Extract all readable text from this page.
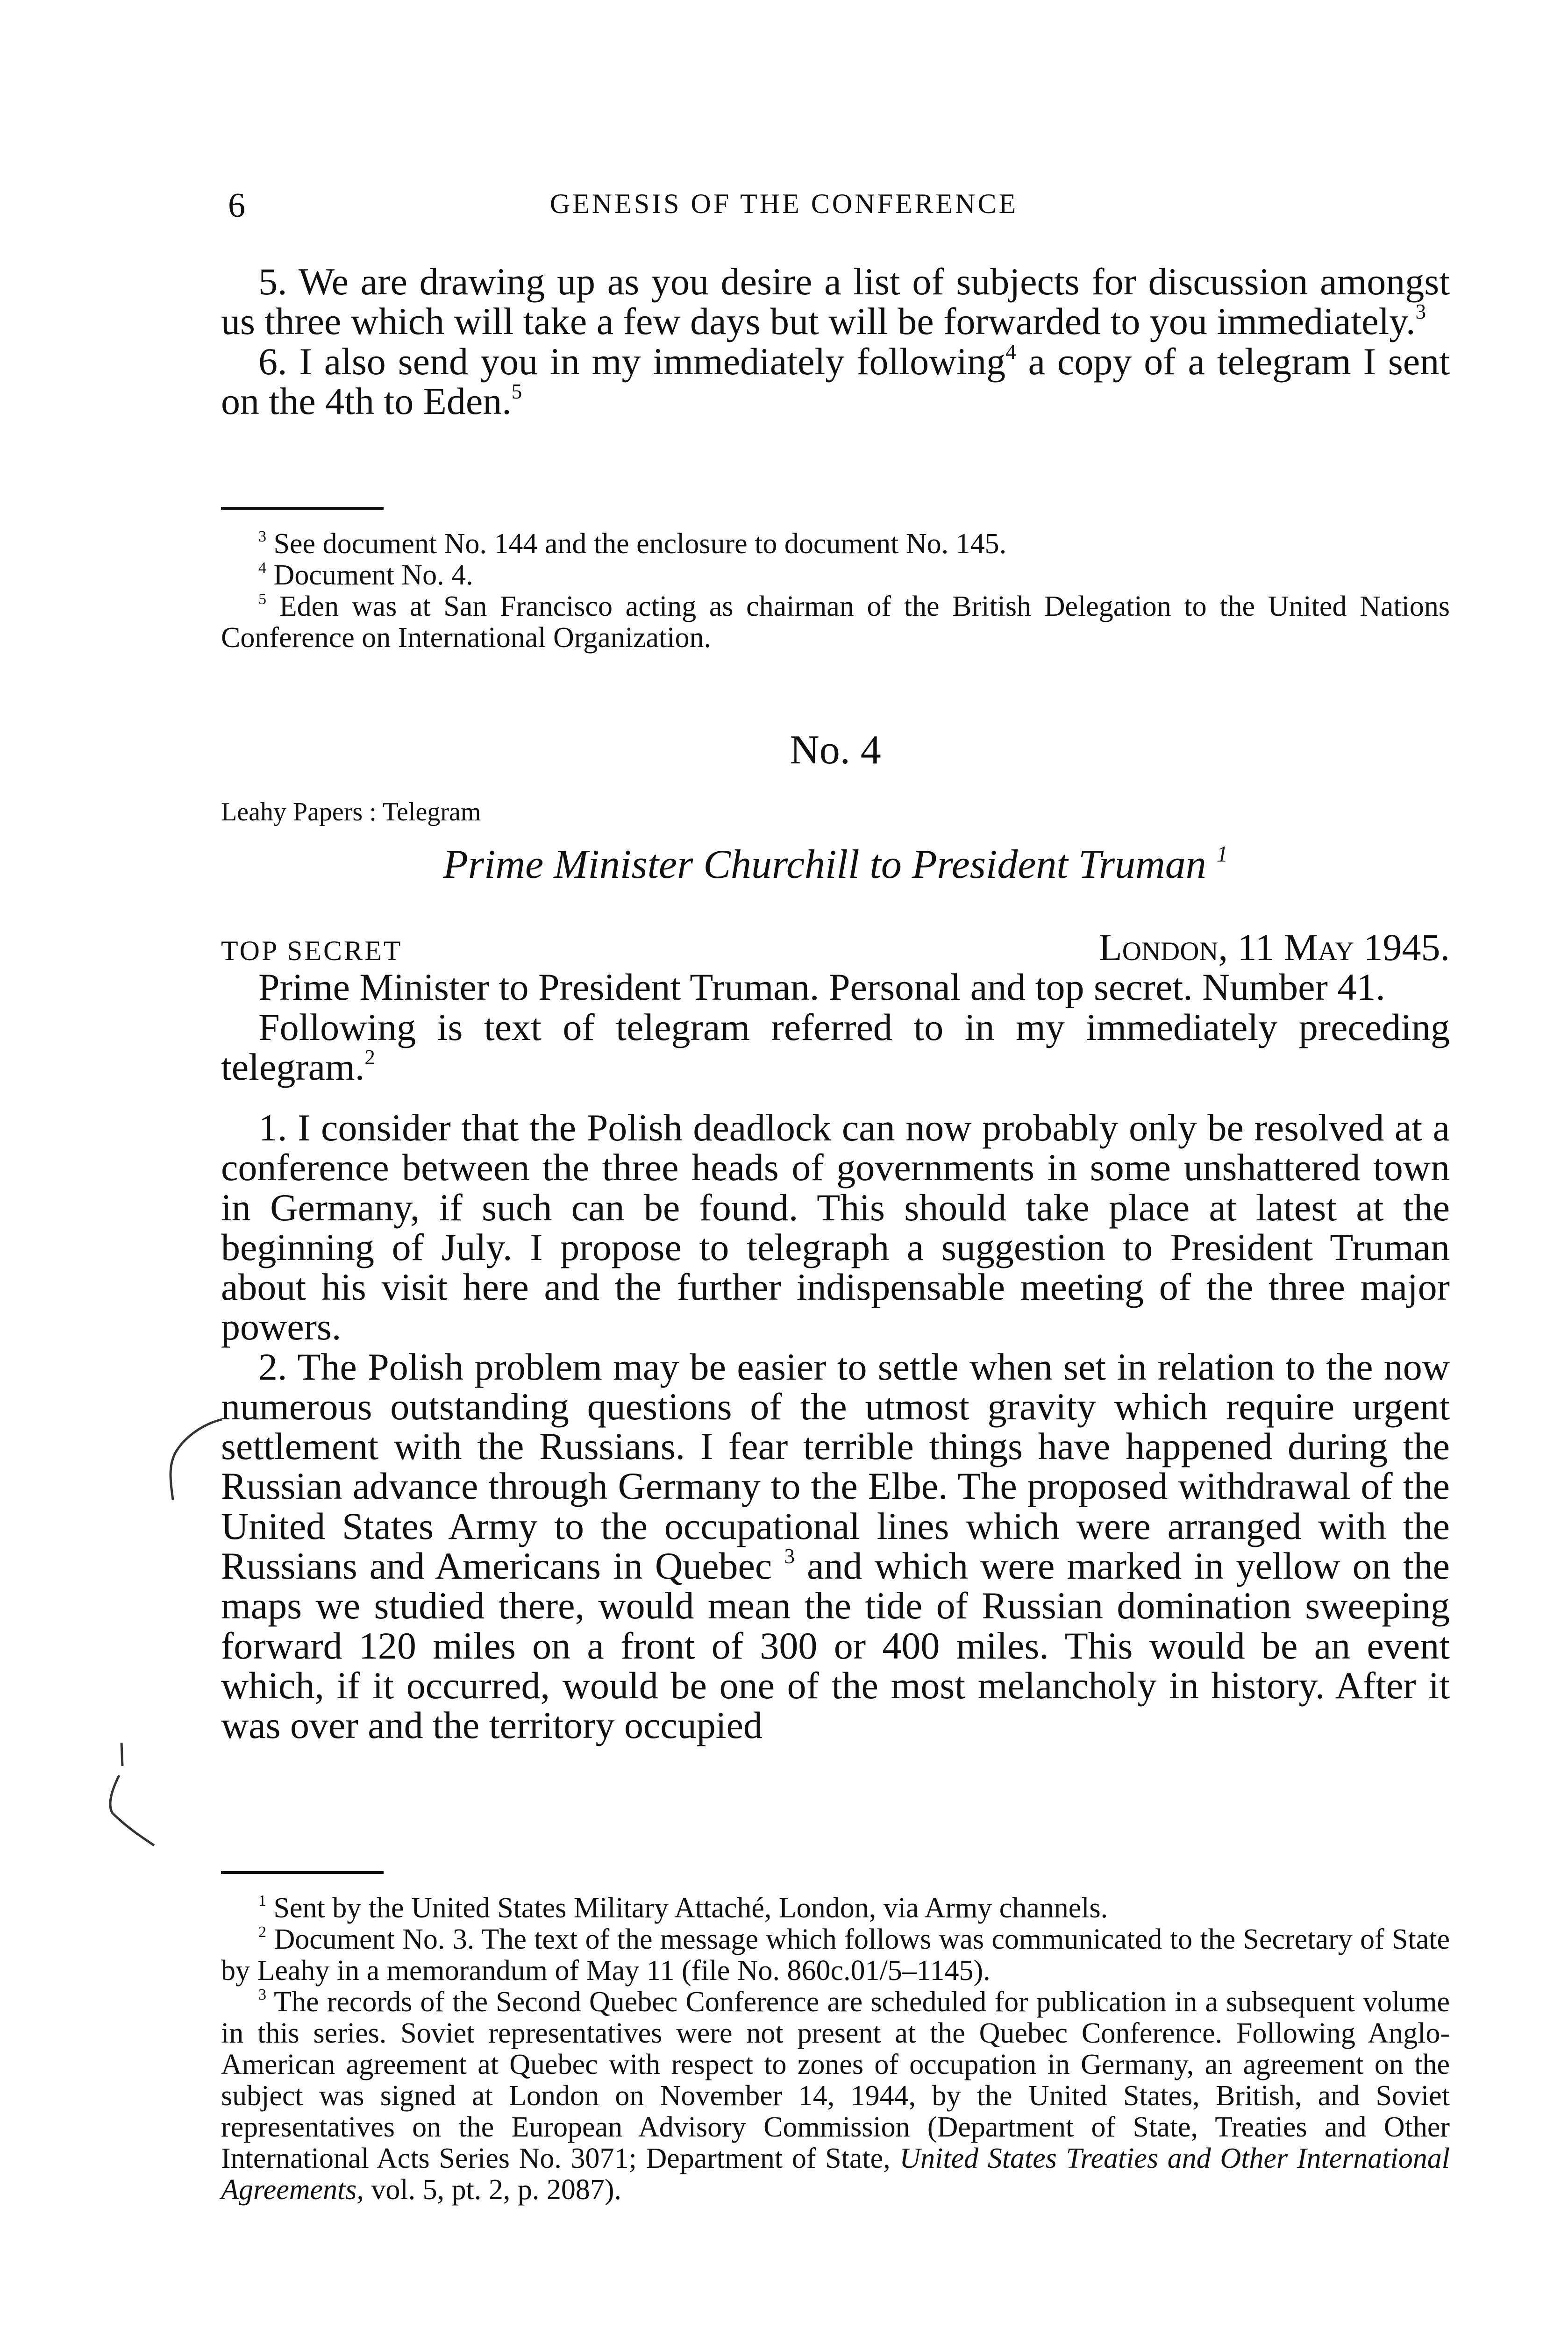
6	GENESIS OF THE CONFERENCE

5. We are drawing up as you desire a list of subjects for discussion amongst us three which will take a few days but will be forwarded to you immediately.$^3$

6. I also send you in my immediately following$^4$ a copy of a telegram I sent on the 4th to Eden.$^5$

$^3$ See document No. 144 and the enclosure to document No. 145.

$^4$ Document No. 4.

$^5$ Eden was at San Francisco acting as chairman of the British Delegation to the United Nations Conference on International Organization.

No. 4
Leahy Papers : Telegram
Prime Minister Churchill to President Truman $^1$
TOP SECRET	London, 11 May 1945.

Prime Minister to President Truman. Personal and top secret. Number 41.

Following is text of telegram referred to in my immediately preceding telegram.$^2$

1. I consider that the Polish deadlock can now probably only be resolved at a conference between the three heads of governments in some unshattered town in Germany, if such can be found. This should take place at latest at the beginning of July. I propose to telegraph a suggestion to President Truman about his visit here and the further indispensable meeting of the three major powers.

2. The Polish problem may be easier to settle when set in relation to the now numerous outstanding questions of the utmost gravity which require urgent settlement with the Russians. I fear terrible things have happened during the Russian advance through Germany to the Elbe. The proposed withdrawal of the United States Army to the occupational lines which were arranged with the Russians and Americans in Quebec $^3$ and which were marked in yellow on the maps we studied there, would mean the tide of Russian domination sweeping forward 120 miles on a front of 300 or 400 miles. This would be an event which, if it occurred, would be one of the most melancholy in history. After it was over and the territory occupied

$^1$ Sent by the United States Military Attaché, London, via Army channels.

$^2$ Document No. 3. The text of the message which follows was communicated to the Secretary of State by Leahy in a memorandum of May 11 (file No. 860c.01/5–1145).

$^3$ The records of the Second Quebec Conference are scheduled for publication in a subsequent volume in this series. Soviet representatives were not present at the Quebec Conference. Following Anglo-American agreement at Quebec with respect to zones of occupation in Germany, an agreement on the subject was signed at London on November 14, 1944, by the United States, British, and Soviet representatives on the European Advisory Commission (Department of State, Treaties and Other International Acts Series No. 3071; Department of State, United States Treaties and Other International Agreements, vol. 5, pt. 2, p. 2087).
